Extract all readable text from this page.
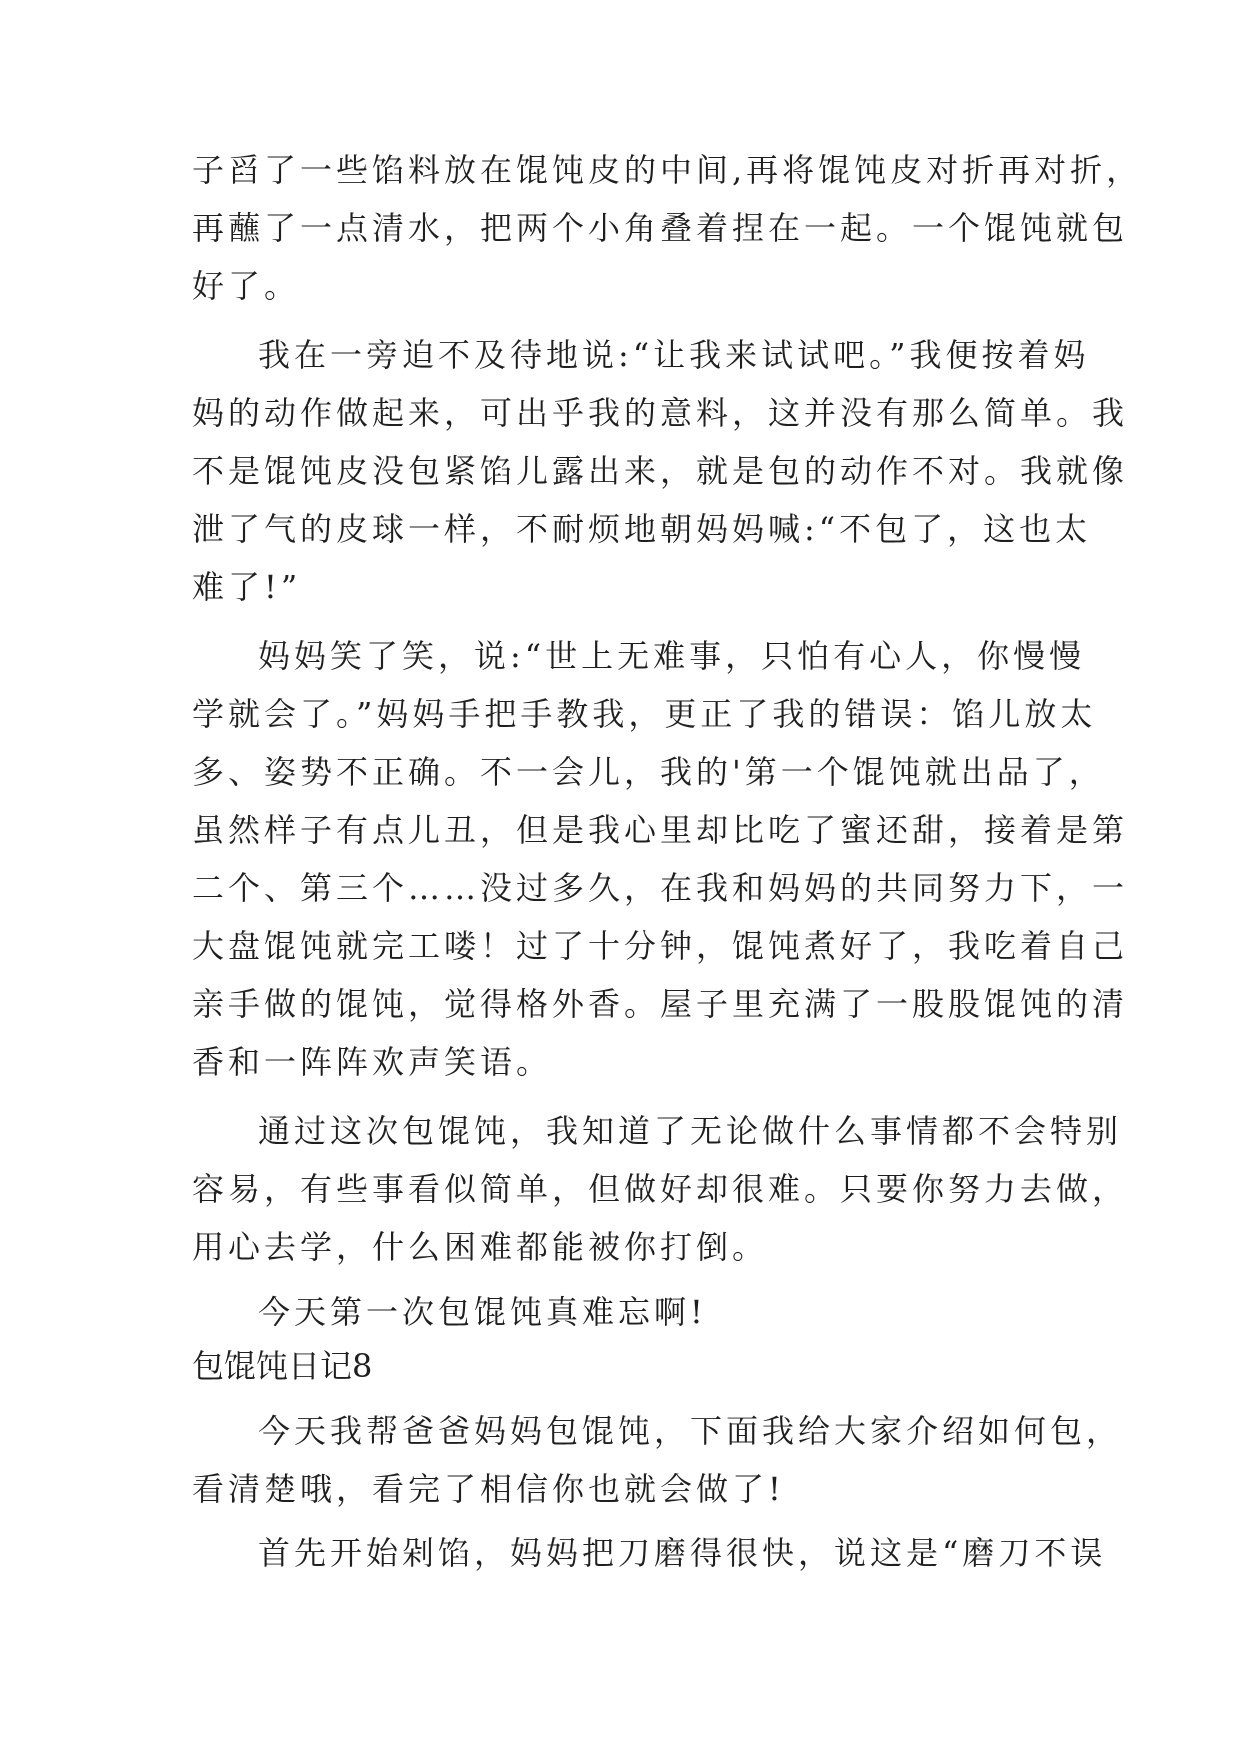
子舀了一些馅料放在馄饨皮的中间,再将馄饨皮对折再对折，
再蘸了一点清水，把两个小角叠着捏在一起。一个馄饨就包
好了。
我在一旁迫不及待地说:“让我来试试吧。”我便按着妈
妈的动作做起来，可出乎我的意料，这并没有那么简单。我
不是馄饨皮没包紧馅儿露出来，就是包的动作不对。我就像
泄了气的皮球一样，不耐烦地朝妈妈喊:“不包了，这也太
难了!”
妈妈笑了笑，说:“世上无难事，只怕有心人，你慢慢
学就会了。”妈妈手把手教我，更正了我的错误：馅儿放太
多、姿势不正确。不一会儿，我的'第一个馄饨就出品了，
虽然样子有点儿丑，但是我心里却比吃了蜜还甜，接着是第
二个、第三个……没过多久，在我和妈妈的共同努力下，一
大盘馄饨就完工喽！过了十分钟，馄饨煮好了，我吃着自己
亲手做的馄饨，觉得格外香。屋子里充满了一股股馄饨的清
香和一阵阵欢声笑语。
通过这次包馄饨，我知道了无论做什么事情都不会特别
容易，有些事看似简单，但做好却很难。只要你努力去做，
用心去学，什么困难都能被你打倒。
今天第一次包馄饨真难忘啊!
包馄饨日记8
今天我帮爸爸妈妈包馄饨，下面我给大家介绍如何包，
看清楚哦，看完了相信你也就会做了!
首先开始剁馅，妈妈把刀磨得很快，说这是“磨刀不误
